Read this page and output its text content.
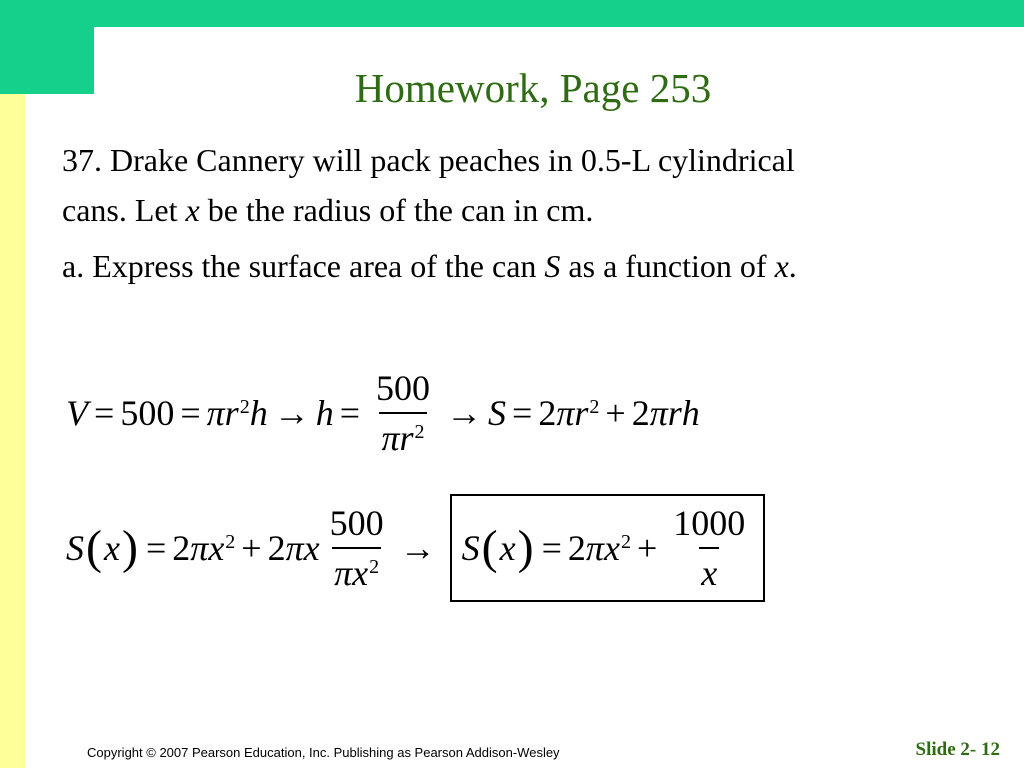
Homework, Page 253
37. Drake Cannery will pack peaches in 0.5-L cylindrical
cans. Let x be the radius of the can in cm.
a. Express the surface area of the can S as a function of x.
V = 500 = π $r^2$ $h \to h = \frac{500}{\pi r^2} \to S = 2$ π $r^2 + 2$ π r h
S ( x ) = 2 π $x^2 + 2$ π x $\frac{500}{\pi x^2} \to S$ ( x ) = 2 π $x^2 + \frac{1000}{x}$
Copyright © 2007 Pearson Education, Inc. Publishing as Pearson Addison-Wesley	Slide 2- 12
